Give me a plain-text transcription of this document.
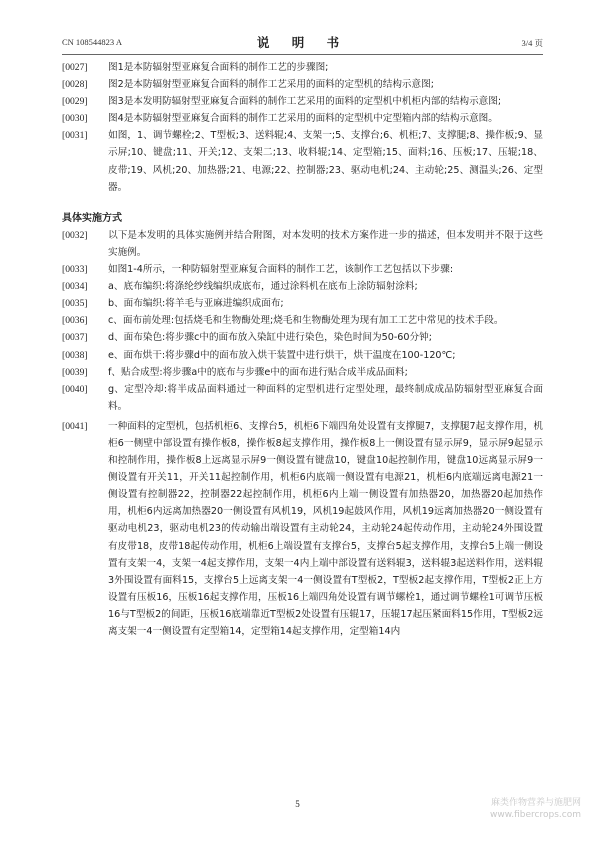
CN 108544823 A	说 明 书	3/4 页

[0027] 图1是本防辐射型亚麻复合面料的制作工艺的步骤图;

[0028] 图2是本防辐射型亚麻复合面料的制作工艺采用的面料的定型机的结构示意图;

[0029] 图3是本发明防辐射型亚麻复合面料的制作工艺采用的面料的定型机中机柜内部的结构示意图;

[0030] 图4是本防辐射型亚麻复合面料的制作工艺采用的面料的定型机中定型箱内部的结构示意图。

[0031] 如图，1、调节螺栓;2、T型板;3、送料辊;4、支架一;5、支撑台;6、机柜;7、支撑腿;8、操作板;9、显示屏;10、键盘;11、开关;12、支架二;13、收料辊;14、定型箱;15、面料;16、压板;17、压辊;18、皮带;19、风机;20、加热器;21、电源;22、控制器;23、驱动电机;24、主动轮;25、测温头;26、定型器。

具体实施方式

[0032] 以下是本发明的具体实施例并结合附图，对本发明的技术方案作进一步的描述，但本发明并不限于这些实施例。

[0033] 如图1-4所示，一种防辐射型亚麻复合面料的制作工艺，该制作工艺包括以下步骤:

[0034] a、底布编织:将涤纶纱线编织成底布，通过涂料机在底布上涂防辐射涂料;

[0035] b、面布编织:将羊毛与亚麻进编织成面布;

[0036] c、面布前处理:包括烧毛和生物酶处理;烧毛和生物酶处理为现有加工工艺中常见的技术手段。

[0037] d、面布染色:将步骤c中的面布放入染缸中进行染色，染色时间为50-60分钟;

[0038] e、面布烘干:将步骤d中的面布放入烘干装置中进行烘干，烘干温度在100-120℃;

[0039] f、贴合成型:将步骤a中的底布与步骤e中的面布进行贴合成半成品面料;

[0040] g、定型冷却:将半成品面料通过一种面料的定型机进行定型处理，最终制成成品防辐射型亚麻复合面料。

[0041] 一种面料的定型机，包括机柜6、支撑台5，机柜6下端四角处设置有支撑腿7，支撑腿7起支撑作用，机柜6一侧壁中部设置有操作板8，操作板8起支撑作用，操作板8上一侧设置有显示屏9，显示屏9起显示和控制作用，操作板8上远离显示屏9一侧设置有键盘10，键盘10起控制作用，键盘10远离显示屏9一侧设置有开关11，开关11起控制作用，机柜6内底端一侧设置有电源21，机柜6内底端远离电源21一侧设置有控制器22，控制器22起控制作用，机柜6内上端一侧设置有加热器20，加热器20起加热作用，机柜6内远离加热器20一侧设置有风机19，风机19起鼓风作用，风机19远离加热器20一侧设置有驱动电机23，驱动电机23的传动输出端设置有主动轮24，主动轮24起传动作用，主动轮24外围设置有皮带18，皮带18起传动作用，机柜6上端设置有支撑台5，支撑台5起支撑作用，支撑台5上端一侧设置有支架一4，支架一4起支撑作用，支架一4内上端中部设置有送料辊3，送料辊3起送料作用，送料辊3外围设置有面料15，支撑台5上远离支架一4一侧设置有T型板2，T型板2起支撑作用，T型板2正上方设置有压板16，压板16起支撑作用，压板16上端四角处设置有调节螺栓1，通过调节螺栓1可调节压板16与T型板2的间距，压板16底端靠近T型板2处设置有压辊17，压辊17起压紧面料15作用，T型板2远离支架一4一侧设置有定型箱14，定型箱14起支撑作用，定型箱14内

5	麻类作物营养与施肥网
www.fibercrops.com
